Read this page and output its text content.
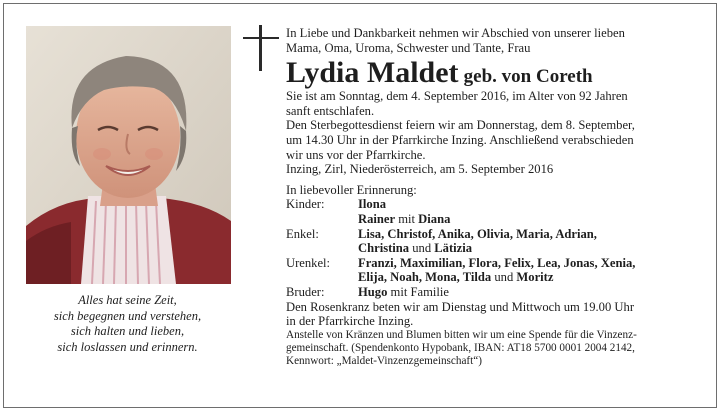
Alles hat seine Zeit,
sich begegnen und verstehen,
sich halten und lieben,
sich loslassen und erinnern.

In Liebe und Dankbarkeit nehmen wir Abschied von unserer lieben
Mama, Oma, Uroma, Schwester und Tante, Frau

Lydia Maldet geb. von Coreth

Sie ist am Sonntag, dem 4. September 2016, im Alter von 92 Jahren
sanft entschlafen.

Den Sterbegottesdienst feiern wir am Donnerstag, dem 8. September,
um 14.30 Uhr in der Pfarrkirche Inzing. Anschließend verabschieden
wir uns vor der Pfarrkirche.

Inzing, Zirl, Niederösterreich, am 5. September 2016

In liebevoller Erinnerung:
Kinder:	Ilona
Rainer mit Diana
Enkel:	Lisa, Christof, Anika, Olivia, Maria, Adrian,
Christina und Lätizia
Urenkel:	Franzi, Maximilian, Flora, Felix, Lea, Jonas, Xenia,
Elija, Noah, Mona, Tilda und Moritz
Bruder:	Hugo mit Familie

Den Rosenkranz beten wir am Dienstag und Mittwoch um 19.00 Uhr
in der Pfarrkirche Inzing.

Anstelle von Kränzen und Blumen bitten wir um eine Spende für die Vinzenz-
gemeinschaft. (Spendenkonto Hypobank, IBAN: AT18 5700 0001 2004 2142,
Kennwort: „Maldet-Vinzenzgemeinschaft“)
